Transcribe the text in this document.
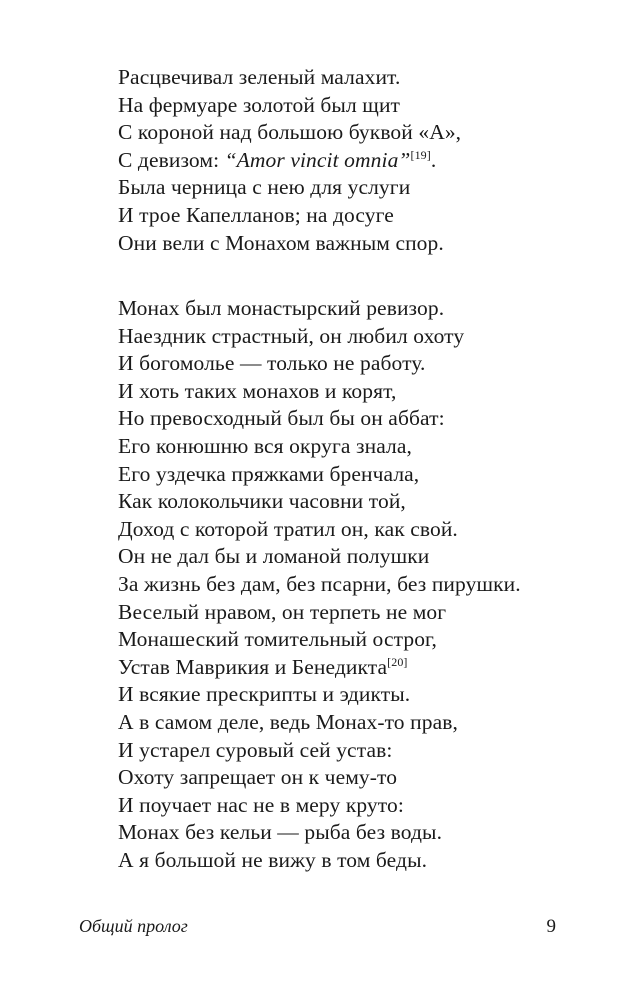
Расцвечивал зеленый малахит.
На фермуаре золотой был щит
С короной над большою буквой «А»,
С девизом: “Amor vincit omnia”[19].
Была черница с нею для услуги
И трое Капелланов; на досуге
Они вели с Монахом важным спор.
Монах был монастырский ревизор.
Наездник страстный, он любил охоту
И богомолье — только не работу.
И хоть таких монахов и корят,
Но превосходный был бы он аббат:
Его конюшню вся округа знала,
Его уздечка пряжками бренчала,
Как колокольчики часовни той,
Доход с которой тратил он, как свой.
Он не дал бы и ломаной полушки
За жизнь без дам, без псарни, без пирушки.
Веселый нравом, он терпеть не мог
Монашеский томительный острог,
Устав Маврикия и Бенедикта[20]
И всякие прескрипты и эдикты.
А в самом деле, ведь Монах-то прав,
И устарел суровый сей устав:
Охоту запрещает он к чему-то
И поучает нас не в меру круто:
Монах без кельи — рыба без воды.
А я большой не вижу в том беды.
Общий пролог	9
